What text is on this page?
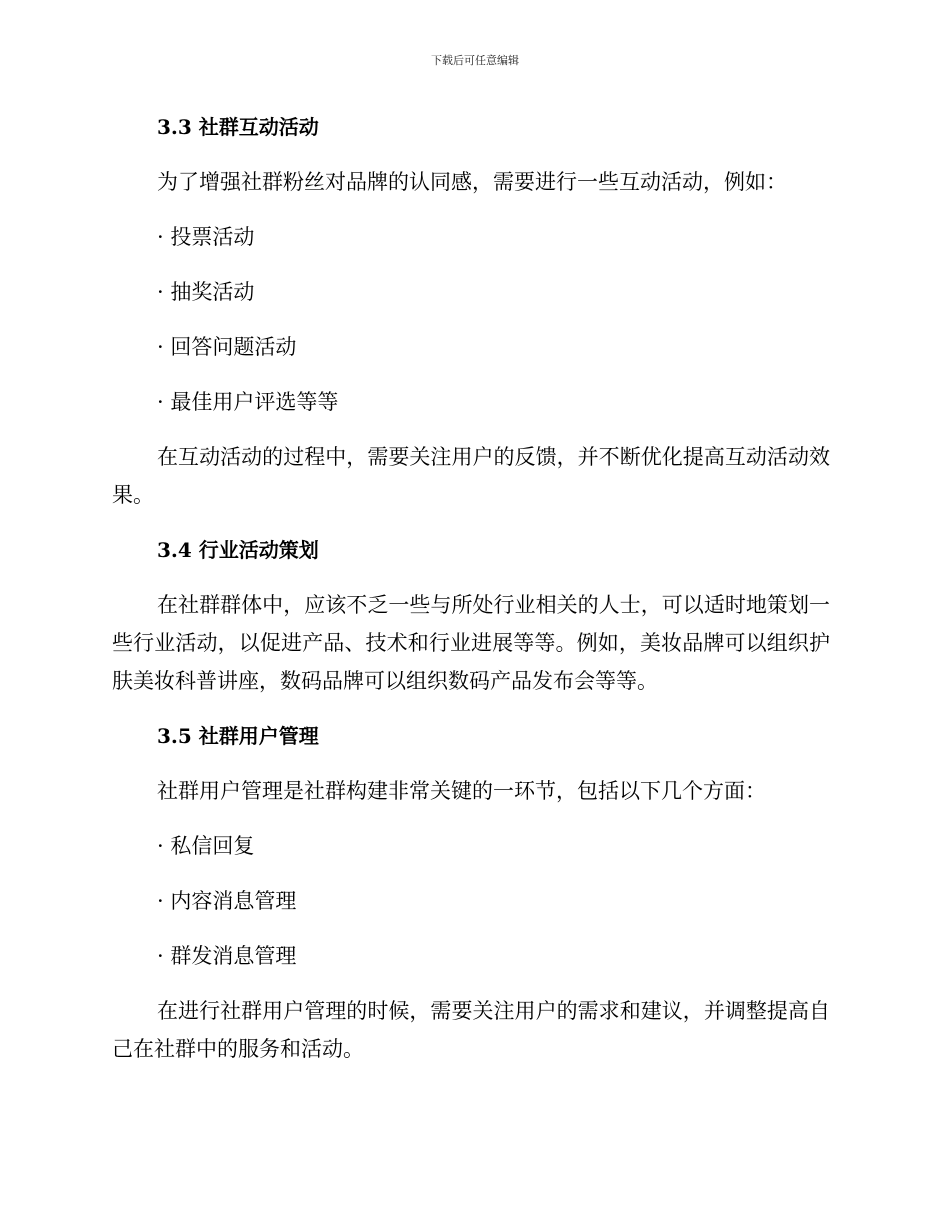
下载后可任意编辑

3.3 社群互动活动

为了增强社群粉丝对品牌的认同感，需要进行一些互动活动，例如：

· 投票活动

· 抽奖活动

· 回答问题活动

· 最佳用户评选等等

在互动活动的过程中，需要关注用户的反馈，并不断优化提高互动活动效果。

3.4 行业活动策划

在社群群体中，应该不乏一些与所处行业相关的人士，可以适时地策划一些行业活动，以促进产品、技术和行业进展等等。例如，美妆品牌可以组织护肤美妆科普讲座，数码品牌可以组织数码产品发布会等等。

3.5 社群用户管理

社群用户管理是社群构建非常关键的一环节，包括以下几个方面：

· 私信回复

· 内容消息管理

· 群发消息管理

在进行社群用户管理的时候，需要关注用户的需求和建议，并调整提高自己在社群中的服务和活动。
